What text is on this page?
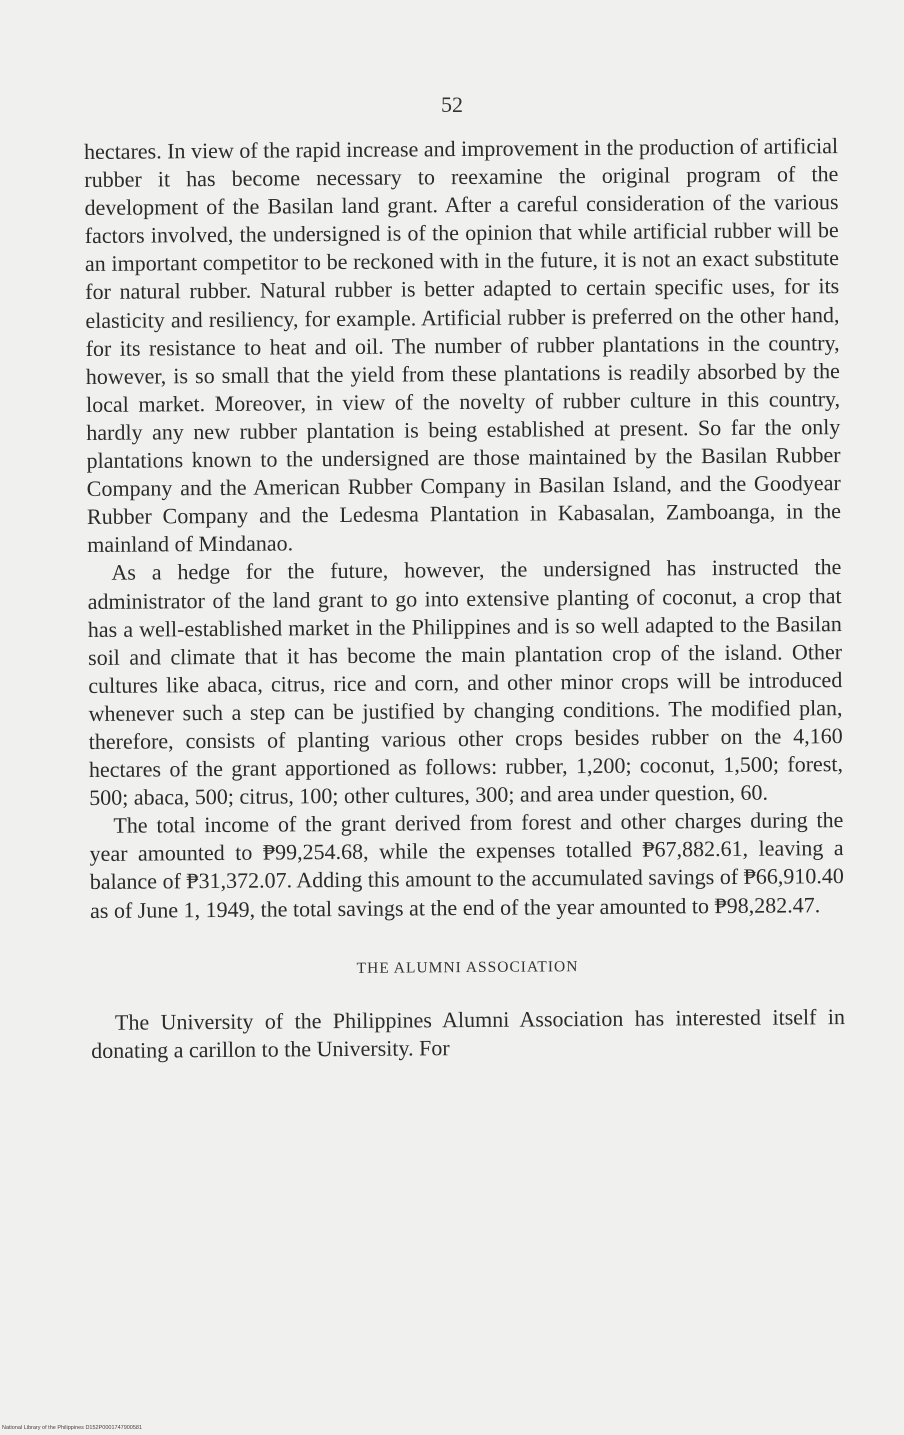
52

hectares. In view of the rapid increase and improvement in the production of artificial rubber it has become necessary to reexamine the original program of the development of the Basilan land grant. After a careful consideration of the various factors involved, the undersigned is of the opinion that while artificial rubber will be an important competitor to be reckoned with in the future, it is not an exact substitute for natural rubber. Natural rubber is better adapted to certain specific uses, for its elasticity and resiliency, for example. Artificial rubber is preferred on the other hand, for its resistance to heat and oil. The number of rubber plantations in the country, however, is so small that the yield from these plantations is readily absorbed by the local market. Moreover, in view of the novelty of rubber culture in this country, hardly any new rubber plantation is being established at present. So far the only plantations known to the undersigned are those maintained by the Basilan Rubber Company and the American Rubber Company in Basilan Island, and the Goodyear Rubber Company and the Ledesma Plantation in Kabasalan, Zamboanga, in the mainland of Mindanao.

As a hedge for the future, however, the undersigned has instructed the administrator of the land grant to go into extensive planting of coconut, a crop that has a well-established market in the Philippines and is so well adapted to the Basilan soil and climate that it has become the main plantation crop of the island. Other cultures like abaca, citrus, rice and corn, and other minor crops will be introduced whenever such a step can be justified by changing conditions. The modified plan, therefore, consists of planting various other crops besides rubber on the 4,160 hectares of the grant apportioned as follows: rubber, 1,200; coconut, 1,500; forest, 500; abaca, 500; citrus, 100; other cultures, 300; and area under question, 60.

The total income of the grant derived from forest and other charges during the year amounted to ₱99,254.68, while the expenses totalled ₱67,882.61, leaving a balance of ₱31,372.07. Adding this amount to the accumulated savings of ₱66,910.40 as of June 1, 1949, the total savings at the end of the year amounted to ₱98,282.47.

THE ALUMNI ASSOCIATION

The University of the Philippines Alumni Association has interested itself in donating a carillon to the University. For

National Library of the Philippines D152P0001747900581
